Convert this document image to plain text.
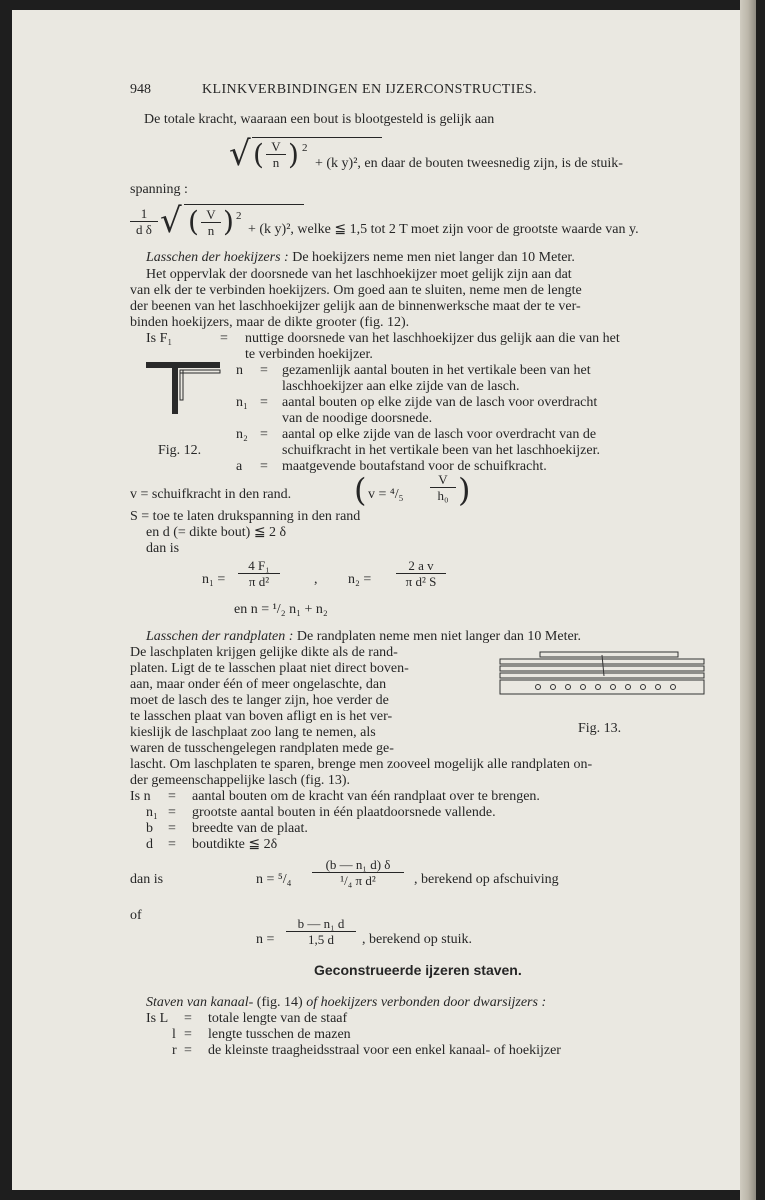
948	KLINKVERBINDINGEN EN IJZERCONSTRUCTIES.
De totale kracht, waaraan een bout is blootgesteld is gelijk aan
√ ( $\frac{V}{n}$ ) 2
+ (k y)², en daar de bouten tweesnedig zijn, is de stuik-
spanning :
$\frac{1}{\text{d δ}}$ √ ( $\frac{V}{n}$ ) 2
+ (k y)², welke ≦ 1,5 tot 2 T moet zijn voor de grootste waarde van y.
Lasschen der hoekijzers : De hoekijzers neme men niet langer dan 10 Meter.
Het oppervlak der doorsnede van het laschhoekijzer moet gelijk zijn aan dat
van elk der te verbinden hoekijzers. Om goed aan te sluiten, neme men de lengte
der beenen van het laschhoekijzer gelijk aan de binnenwerksche maat der te ver-
binden hoekijzers, maar de dikte grooter (fig. 12).
Is F₁	= nuttige doorsnede van het laschhoekijzer dus gelijk aan die van het
te verbinden hoekijzer.
n = gezamenlijk aantal bouten in het vertikale been van het
laschhoekijzer aan elke zijde van de lasch.
n₁ = aantal bouten op elke zijde van de lasch voor overdracht
van de noodige doorsnede.
n₂ = aantal op elke zijde van de lasch voor overdracht van de
Fig. 12.	schuifkracht in het vertikale been van het laschhoekijzer.
a = maatgevende boutafstand voor de schuifkracht.
v = schuifkracht in den rand. ( $v = ^4/_5 \frac{V}{\text{h₀}}$ )
S = toe te laten drukspanning in den rand
en d (= dikte bout) ≦ 2 δ
dan is
$n_1 = \frac{\text{4 F₁}}{\text{π d²}}$ , $n_2 = \frac{\text{2 a v}}{\text{π d² S}}$
en n = ¹/₂ n₁ + n₂
Lasschen der randplaten : De randplaten neme men niet langer dan 10 Meter.
De laschplaten krijgen gelijke dikte als de rand-
platen. Ligt de te lasschen plaat niet direct boven-
aan, maar onder één of meer ongelaschte, dan
moet de lasch des te langer zijn, hoe verder de
te lasschen plaat van boven afligt en is het ver-
kieslijk de laschplaat zoo lang te nemen, als
waren de tusschengelegen randplaten mede ge-
lascht. Om laschplaten te sparen, brenge men zooveel mogelijk alle randplaten on-
der gemeenschappelijke lasch (fig. 13).
Fig. 13.
Is n = aantal bouten om de kracht van één randplaat over te brengen.
n₁ = grootste aantal bouten in één plaatdoorsnede vallende.
b = breedte van de plaat.
d = boutdikte ≦ 2δ
dan is	$n = ^5/_4 \frac{\text{(b — n₁ d) δ}}{\text{¹/₄ π d²}}$ , berekend op afschuiving
of
$n = \frac{\text{b — n₁ d}}{1,5 d}$ , berekend op stuik.
Geconstrueerde ijzeren staven.
Staven van kanaal- (fig. 14) of hoekijzers verbonden door dwarsijzers :
Is L = totale lengte van de staaf
l = lengte tusschen de mazen
r = de kleinste traagheidsstraal voor een enkel kanaal- of hoekijzer
